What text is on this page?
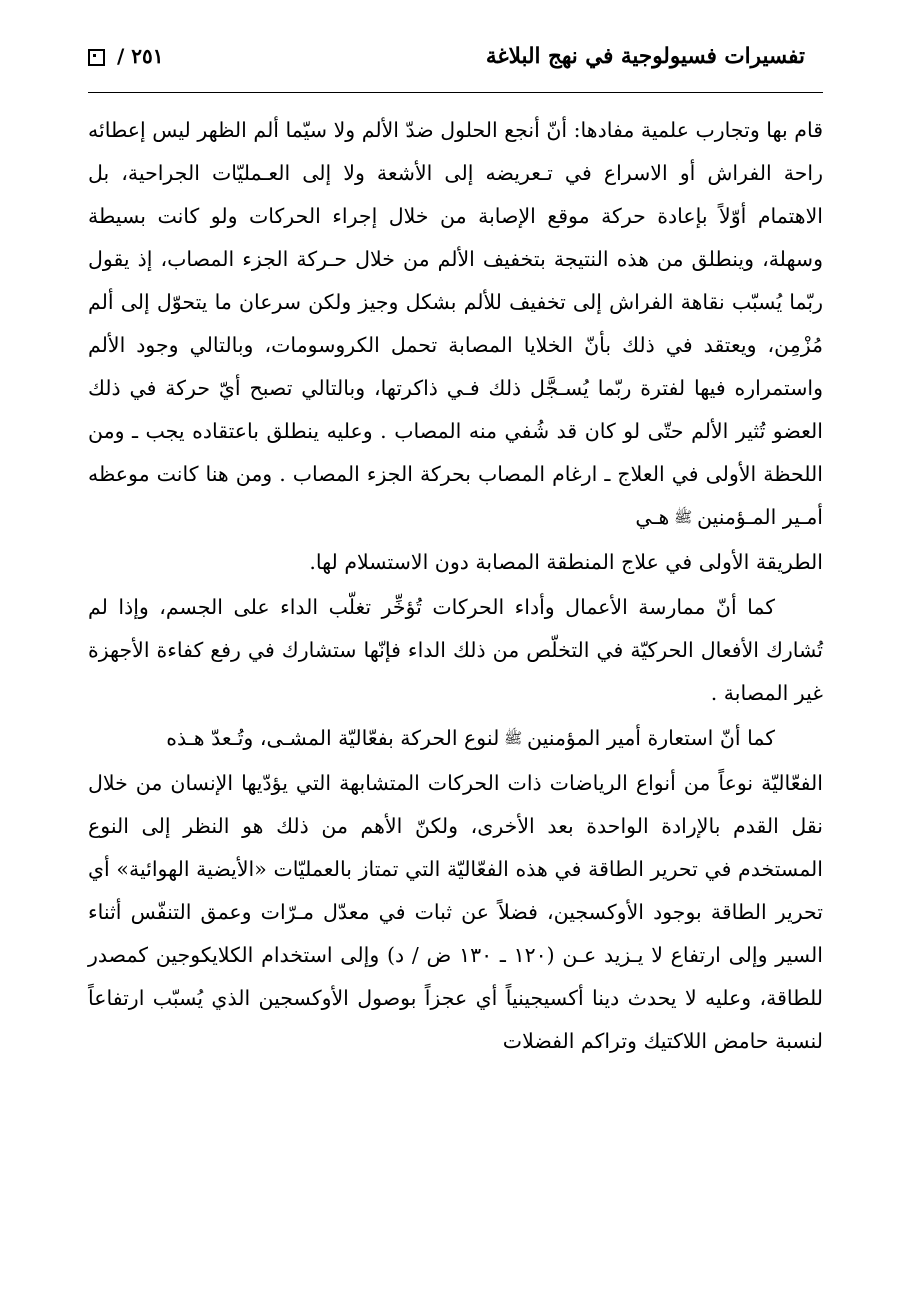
تفسيرات فسيولوجية في نهج البلاغة
٢٥١ /

قام بها وتجارب علمية مفادها: أنّ أنجع الحلول ضدّ الألم ولا سيّما ألم الظهر ليس إعطائه راحة الفراش أو الاسراع في تـعريضه إلى الأشعة ولا إلى العـمليّات الجراحية، بل الاهتمام أوّلاً بإعادة حركة موقع الإصابة من خلال إجراء الحركات ولو كانت بسيطة وسهلة، وينطلق من هذه النتيجة بتخفيف الألم من خلال حـركة الجزء المصاب، إذ يقول ربّما يُسبّب نقاهة الفراش إلى تخفيف للألم بشكل وجيز ولكن سرعان ما يتحوّل إلى ألم مُزْمِن، ويعتقد في ذلك بأنّ الخلايا المصابة تحمل الكروسومات، وبالتالي وجود الألم واستمراره فيها لفترة ربّما يُسـجَّل ذلك فـي ذاكرتها، وبالتالي تصبح أيّ حركة في ذلك العضو تُثير الألم حتّى لو كان قد شُفي منه المصاب . وعليه ينطلق باعتقاده يجب ـ ومن اللحظة الأولى في العلاج ـ ارغام المصاب بحركة الجزء المصاب . ومن هنا كانت موعظه أمـير المـؤمنين ﷺ هـي

الطريقة الأولى في علاج المنطقة المصابة دون الاستسلام لها.

كما أنّ ممارسة الأعمال وأداء الحركات تُؤخِّر تغلّب الداء على الجسم، وإذا لم تُشارك الأفعال الحركيّة في التخلّص من ذلك الداء فإنّها ستشارك في رفع كفاءة الأجهزة غير المصابة .

كما أنّ استعارة أمير المؤمنين ﷺ لنوع الحركة بفعّاليّة المشـى، وتُـعدّ هـذه

الفعّاليّة نوعاً من أنواع الرياضات ذات الحركات المتشابهة التي يؤدّيها الإنسان من خلال نقل القدم بالإرادة الواحدة بعد الأخرى، ولكنّ الأهم من ذلك هو النظر إلى النوع المستخدم في تحرير الطاقة في هذه الفعّاليّة التي تمتاز بالعمليّات «الأيضية الهوائية» أي تحرير الطاقة بوجود الأوكسجين، فضلاً عن ثبات في معدّل مـرّات وعمق التنفّس أثناء السير وإلى ارتفاع لا يـزيد عـن (١٢٠ ـ ١٣٠ ض / د) وإلى استخدام الكلايكوجين كمصدر للطاقة، وعليه لا يحدث دينا أكسيجينياً أي عجزاً بوصول الأوكسجين الذي يُسبّب ارتفاعاً لنسبة حامض اللاكتيك وتراكم الفضلات
